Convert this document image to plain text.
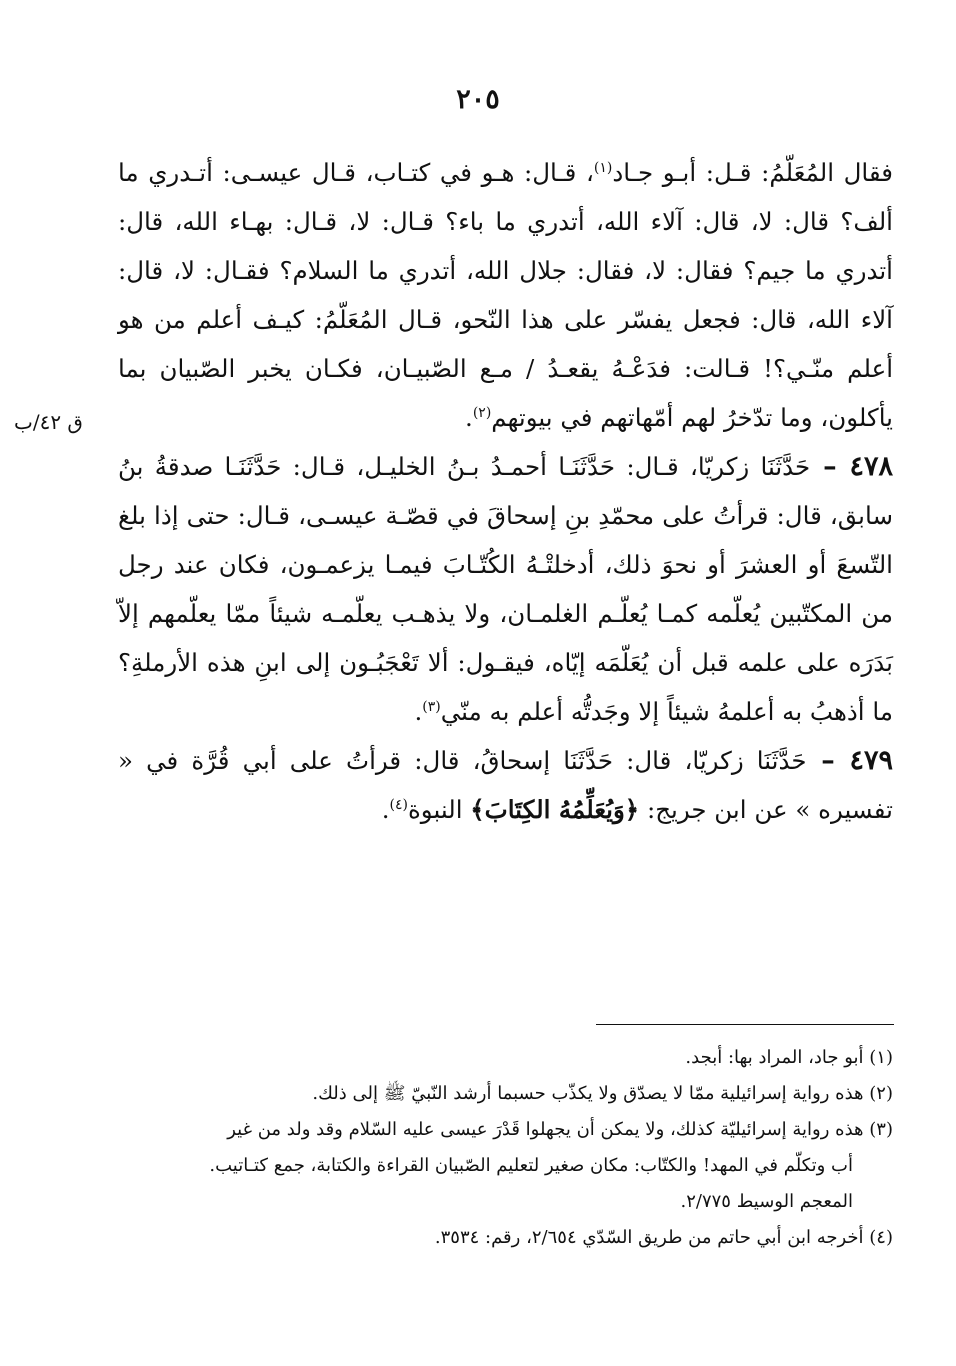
٢٠٥
ق ٤٢/ب

فقال المُعَلّمُ: قـل: أبـو جـاد$^{(١)}$، قـال: هـو في كتـاب، قـال عيسـى: أتـدري ما ألف؟ قال: لا، قال: آلاء الله، أتدري ما باء؟ قـال: لا، قـال: بهـاء الله، قال: أتدري ما جيم؟ فقال: لا، فقال: جلال الله، أتدري ما السلام؟ فقـال: لا، قال: آلاء الله، قال: فجعل يفسّر على هذا النّحو، قـال المُعَلّمُ: كيـف أعلم من هو أعلم منّـي؟! قـالت: فدَعْـهُ يقعـدُ / مـع الصّبيـان، فكـان يخبر الصّبيان بما يأكلون، وما تدّخرُ لهم أمّهاتهم في بيوتهم$^{(٢)}$.

٤٧٨ – حَدَّثَنَا زكريّا، قـال: حَدَّثَنَـا أحمـدُ بـنُ الخليـل، قـال: حَدَّثَنَـا صدقةُ بنُ سابق، قال: قرأتُ على محمّدِ بنِ إسحاقَ في قصّـة عيسـى، قـال: حتى إذا بلغ التّسعَ أو العشرَ أو نحوَ ذلك، أدخلتْـهُ الكُتّـابَ فيمـا يزعمـون، فكان عند رجل من المكتّبين يُعلّمه كمـا يُعلّـم الغلمـان، ولا يذهـب يعلّمـه شيئاً ممّا يعلّمهم إلاّ بَدَرَه على علمه قبل أن يُعَلّمَه إيّاه، فيقـول: ألا تَعْجَبُـون إلى ابنِ هذه الأرملةِ؟ ما أذهبُ به أعلمهُ شيئاً إلا وجَدتُّه أعلم به منّي$^{(٣)}$.

٤٧٩ – حَدَّثَنَا زكريّا، قال: حَدَّثَنَا إسحاقُ، قال: قرأتُ على أبي قُرَّة في « تفسيره » عن ابن جريج: ﴿وَيُعَلِّمُهُ الكِتَابَ﴾ النبوة$^{(٤)}$.

(١) أبو جاد، المراد بها: أبجد.

(٢) هذه رواية إسرائيلية ممّا لا يصدّق ولا يكذّب حسبما أرشد النّبيّ ﷺ إلى ذلك.

(٣) هذه رواية إسرائيليّة كذلك، ولا يمكن أن يجهلوا قَدْرَ عيسى عليه السّلام وقد ولد من غير

أب وتكلّم في المهد! والكتّاب: مكان صغير لتعليم الصّبيان القراءة والكتابة، جمع كتـاتيب.

المعجم الوسيط ٢/٧٧٥.

(٤) أخرجه ابن أبي حاتم من طريق السّدّي ٢/٦٥٤، رقم: ٣٥٣٤.
